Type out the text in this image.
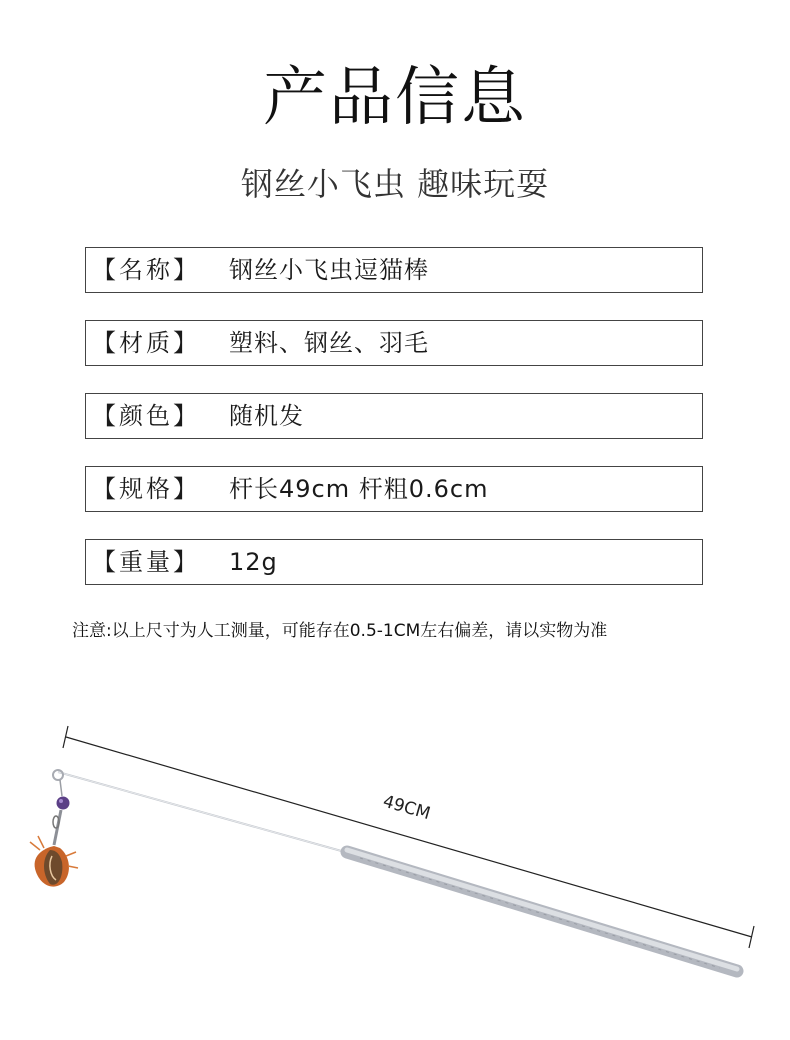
产品信息
钢丝小飞虫 趣味玩耍
【名称】 钢丝小飞虫逗猫棒
【材质】 塑料、钢丝、羽毛
【颜色】 随机发
【规格】 杆长49cm 杆粗0.6cm
【重量】 12g
注意:以上尺寸为人工测量，可能存在0.5-1CM左右偏差，请以实物为准
49CM
